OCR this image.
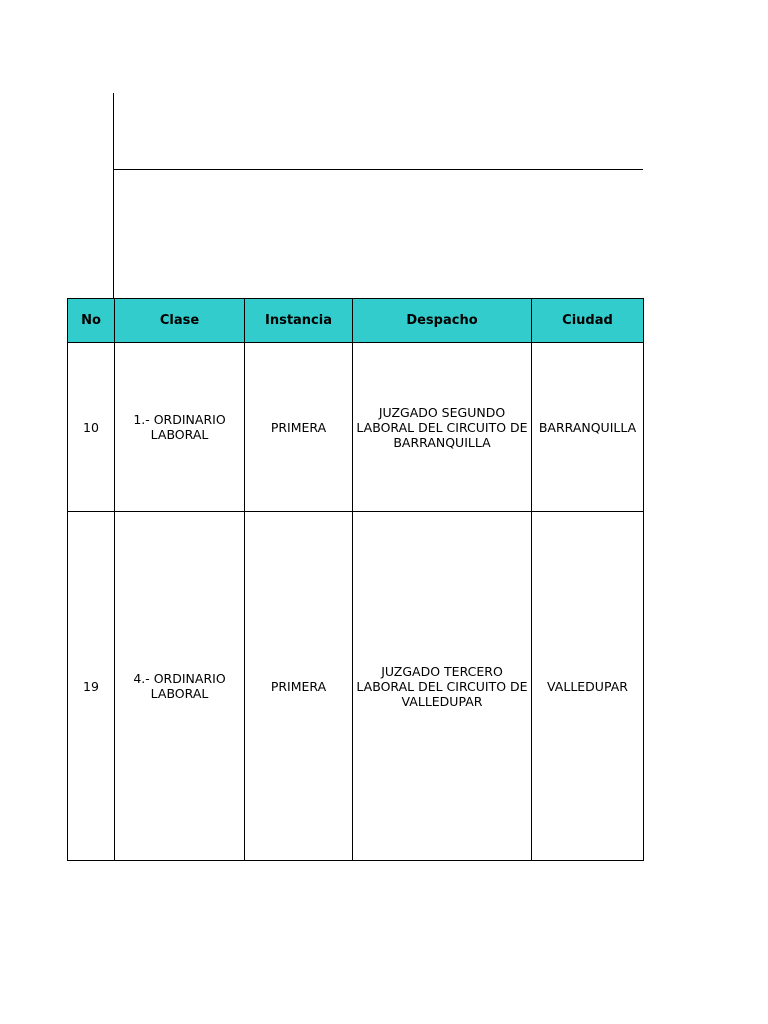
No	Clase	Instancia	Despacho	Ciudad
10	1.- ORDINARIO LABORAL	PRIMERA	JUZGADO SEGUNDO LABORAL DEL CIRCUITO DE BARRANQUILLA	BARRANQUILLA
19	4.- ORDINARIO LABORAL	PRIMERA	JUZGADO TERCERO LABORAL DEL CIRCUITO DE VALLEDUPAR	VALLEDUPAR
